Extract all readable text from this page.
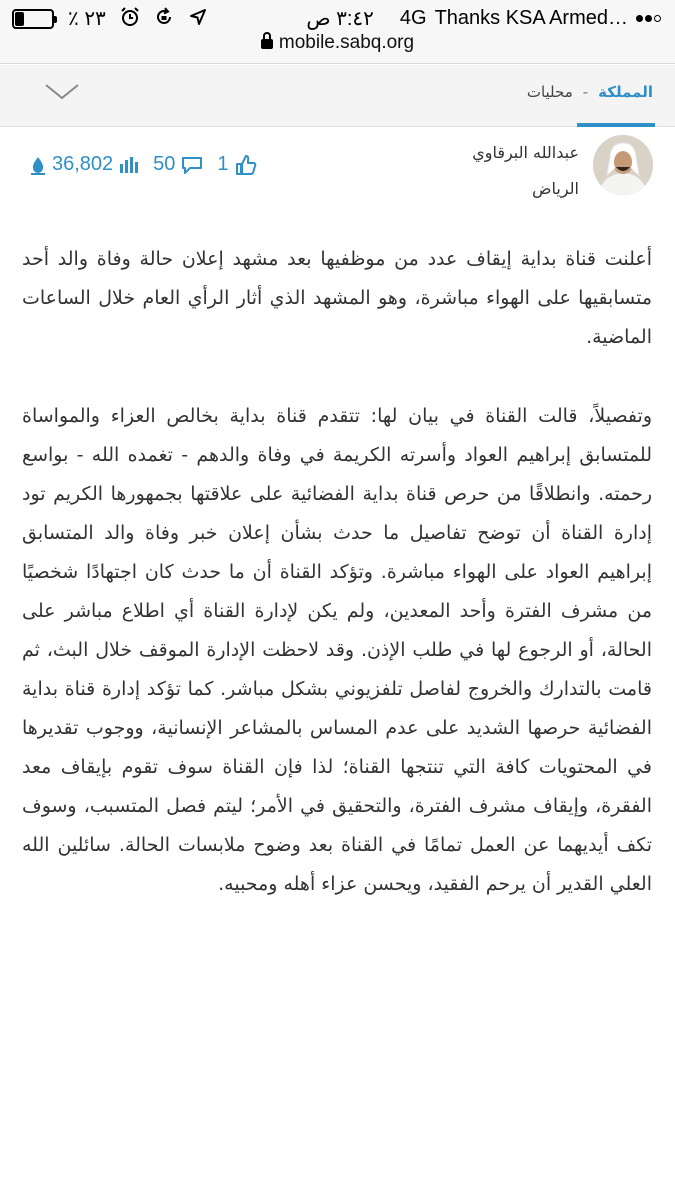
٪ ٢٣	٣:٤٢ ص 4G Thanks KSA Armed…
mobile.sabq.org
المملكة
-
محليات
عبدالله البرقاوي
الرياض
36,802 50 1

أعلنت قناة بداية إيقاف عدد من موظفيها بعد مشهد إعلان حالة وفاة والد أحد متسابقيها على الهواء مباشرة، وهو المشهد الذي أثار الرأي العام خلال الساعات الماضية.

وتفصيلاً، قالت القناة في بيان لها: تتقدم قناة بداية بخالص العزاء والمواساة للمتسابق إبراهيم العواد وأسرته الكريمة في وفاة والدهم - تغمده الله - بواسع رحمته. وانطلاقًا من حرص قناة بداية الفضائية على علاقتها بجمهورها الكريم تود إدارة القناة أن توضح تفاصيل ما حدث بشأن إعلان خبر وفاة والد المتسابق إبراهيم العواد على الهواء مباشرة. وتؤكد القناة أن ما حدث كان اجتهادًا شخصيًا من مشرف الفترة وأحد المعدين، ولم يكن لإدارة القناة أي اطلاع مباشر على الحالة، أو الرجوع لها في طلب الإذن. وقد لاحظت الإدارة الموقف خلال البث، ثم قامت بالتدارك والخروج لفاصل تلفزيوني بشكل مباشر. كما تؤكد إدارة قناة بداية الفضائية حرصها الشديد على عدم المساس بالمشاعر الإنسانية، ووجوب تقديرها في المحتويات كافة التي تنتجها القناة؛ لذا فإن القناة سوف تقوم بإيقاف معد الفقرة، وإيقاف مشرف الفترة، والتحقيق في الأمر؛ ليتم فصل المتسبب، وسوف تكف أيديهما عن العمل تمامًا في القناة بعد وضوح ملابسات الحالة. سائلين الله العلي القدير أن يرحم الفقيد، ويحسن عزاء أهله ومحبيه.
